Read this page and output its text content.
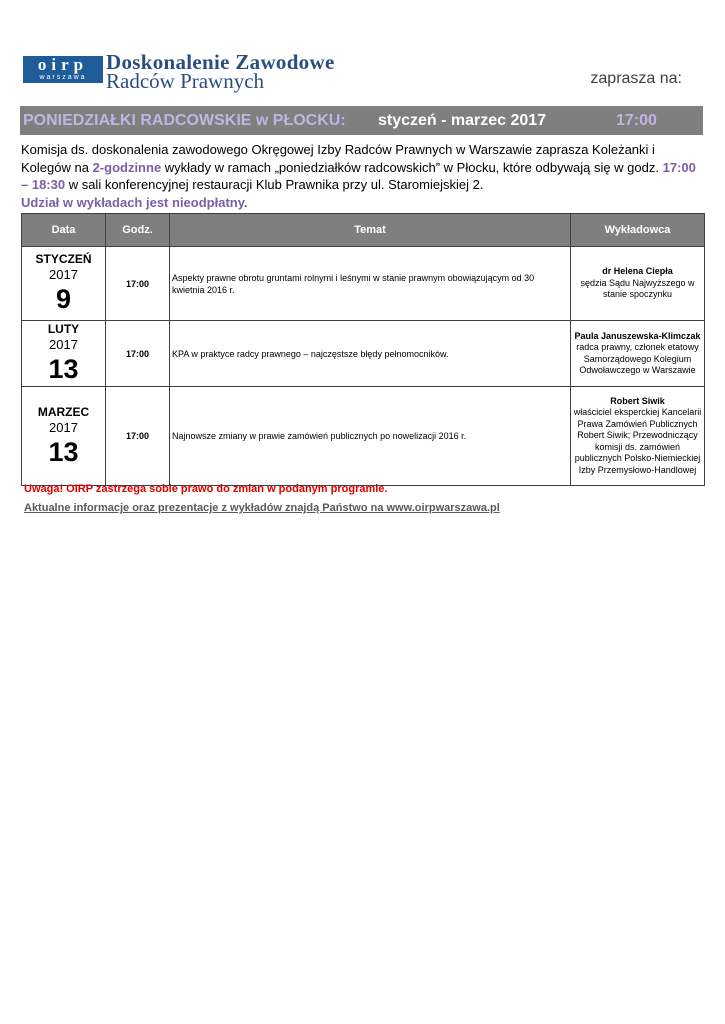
oirp
warszawa
Doskonalenie Zawodowe
Radców Prawnych	zaprasza na:
PONIEDZIAŁKI RADCOWSKIE w PŁOCKU: styczeń - marzec 2017	17:00
Komisja ds. doskonalenia zawodowego Okręgowej Izby Radców Prawnych w Warszawie zaprasza Koleżanki i Kolegów na 2-godzinne wykłady w ramach „poniedziałków radcowskich” w Płocku, które odbywają się w godz. 17:00 – 18:30 w sali konferencyjnej restauracji Klub Prawnika przy ul. Staromiejskiej 2.
Udział w wykładach jest nieodpłatny.
Data	Godz.	Temat	Wykładowca

STYCZEŃ
2017
9	17:00	Aspekty prawne obrotu gruntami rolnymi i leśnymi w stanie prawnym obowiązującym od 30 kwietnia 2016 r.	dr Helena Ciepła
sędzia Sądu Najwyższego w stanie spoczynku

LUTY
2017
13	17:00	KPA w praktyce radcy prawnego – najczęstsze błędy pełnomocników.	Paula Januszewska-Klimczak
radca prawny, członek etatowy Samorządowego Kolegium Odwoławczego w Warszawie

MARZEC
2017
13	17:00	Najnowsze zmiany w prawie zamówień publicznych po nowelizacji 2016 r.	Robert Siwik
właściciel eksperckiej Kancelarii Prawa Zamówień Publicznych Robert Siwik; Przewodniczący komisji ds. zamówień publicznych Polsko-Niemieckiej Izby Przemysłowo-Handlowej
Uwaga! OIRP zastrzega sobie prawo do zmian w podanym programie.
Aktualne informacje oraz prezentacje z wykładów znajdą Państwo na www.oirpwarszawa.pl
